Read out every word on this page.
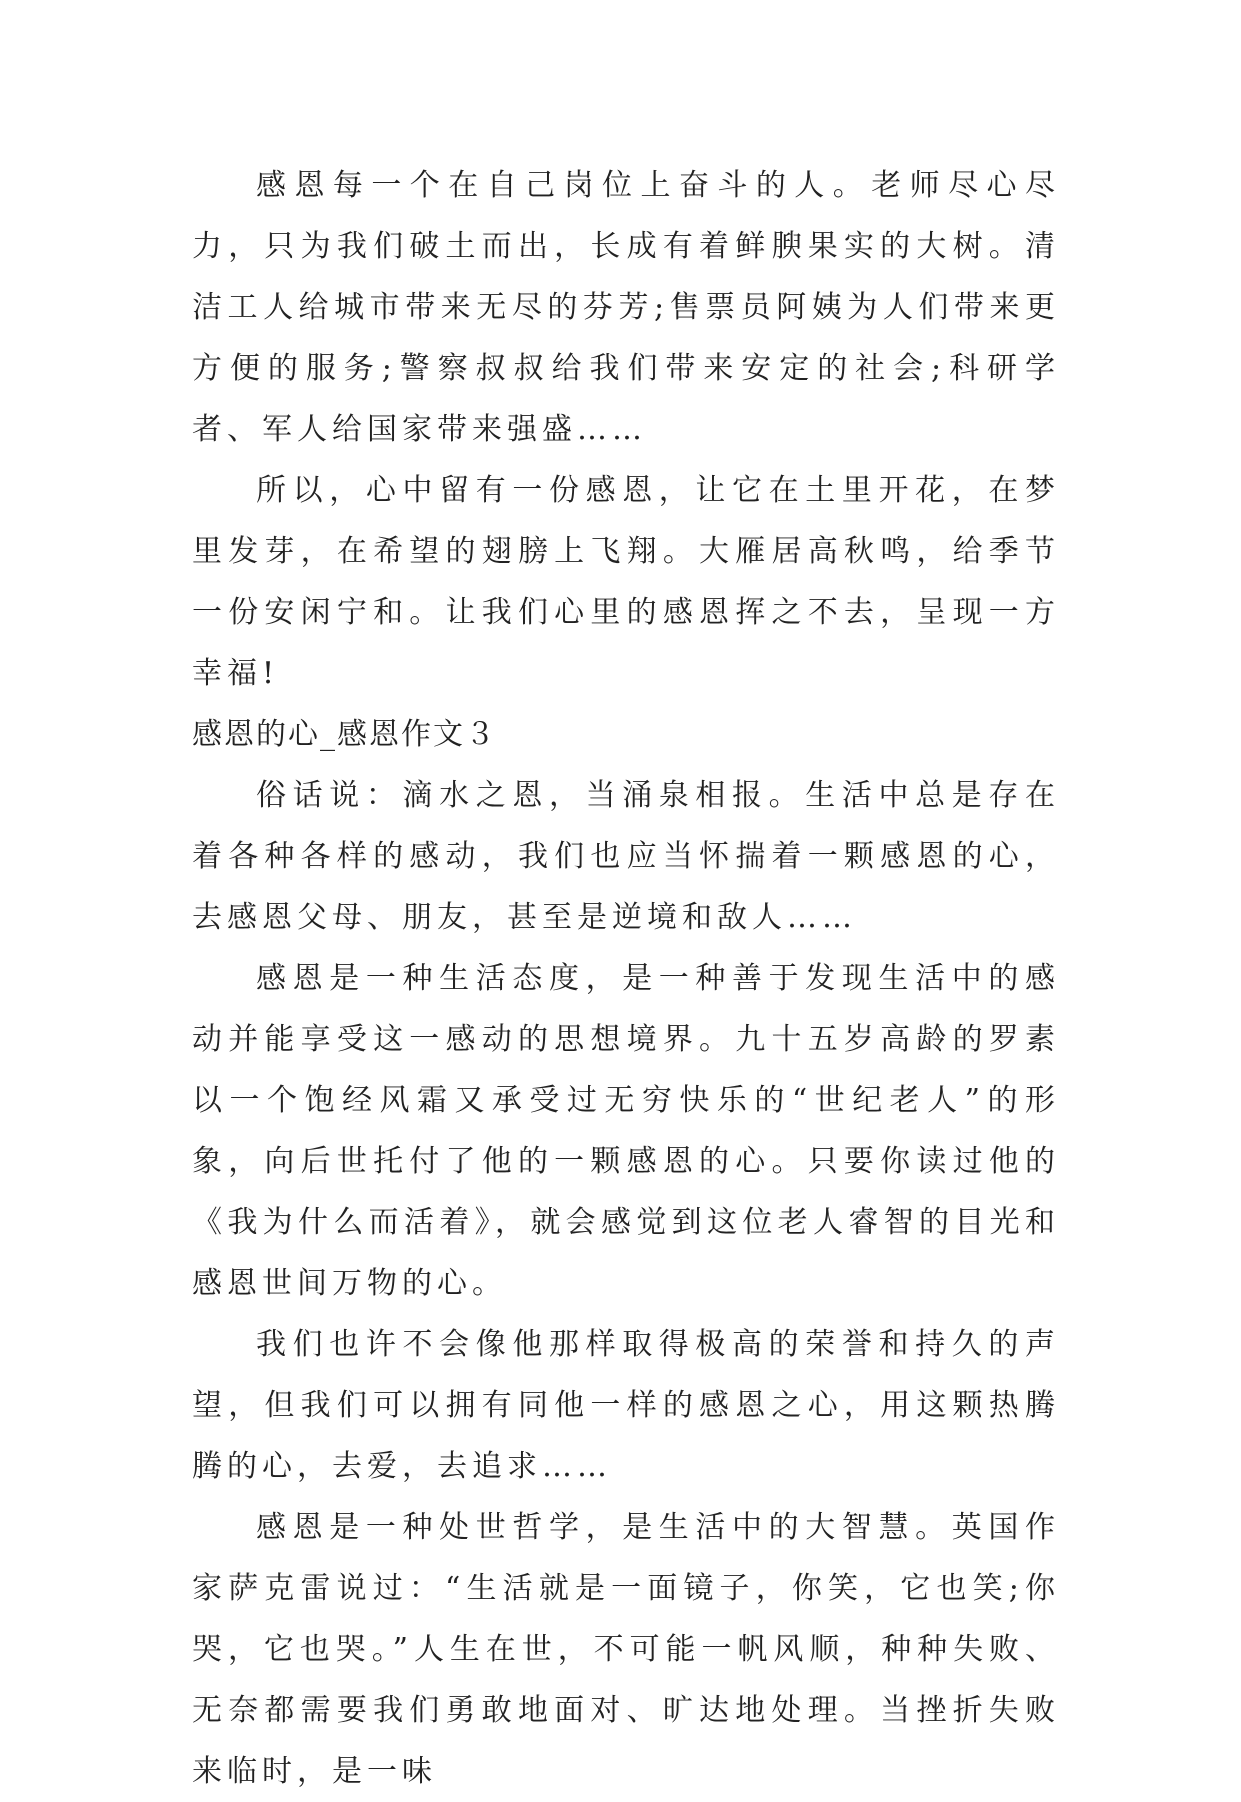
感恩每一个在自己岗位上奋斗的人。老师尽心尽力，只为我们破土而出，长成有着鲜腴果实的大树。清洁工人给城市带来无尽的芬芳;售票员阿姨为人们带来更方便的服务;警察叔叔给我们带来安定的社会;科研学者、军人给国家带来强盛……

所以，心中留有一份感恩，让它在土里开花，在梦里发芽，在希望的翅膀上飞翔。大雁居高秋鸣，给季节一份安闲宁和。让我们心里的感恩挥之不去，呈现一方幸福!

感恩的心_感恩作文３

俗话说：滴水之恩，当涌泉相报。生活中总是存在着各种各样的感动，我们也应当怀揣着一颗感恩的心，去感恩父母、朋友，甚至是逆境和敌人……

感恩是一种生活态度，是一种善于发现生活中的感动并能享受这一感动的思想境界。九十五岁高龄的罗素以一个饱经风霜又承受过无穷快乐的“世纪老人”的形象，向后世托付了他的一颗感恩的心。只要你读过他的《我为什么而活着》，就会感觉到这位老人睿智的目光和感恩世间万物的心。

我们也许不会像他那样取得极高的荣誉和持久的声望，但我们可以拥有同他一样的感恩之心，用这颗热腾腾的心，去爱，去追求……

感恩是一种处世哲学，是生活中的大智慧。英国作家萨克雷说过：“生活就是一面镜子，你笑，它也笑;你哭，它也哭。”人生在世，不可能一帆风顺，种种失败、无奈都需要我们勇敢地面对、旷达地处理。当挫折失败来临时，是一味
